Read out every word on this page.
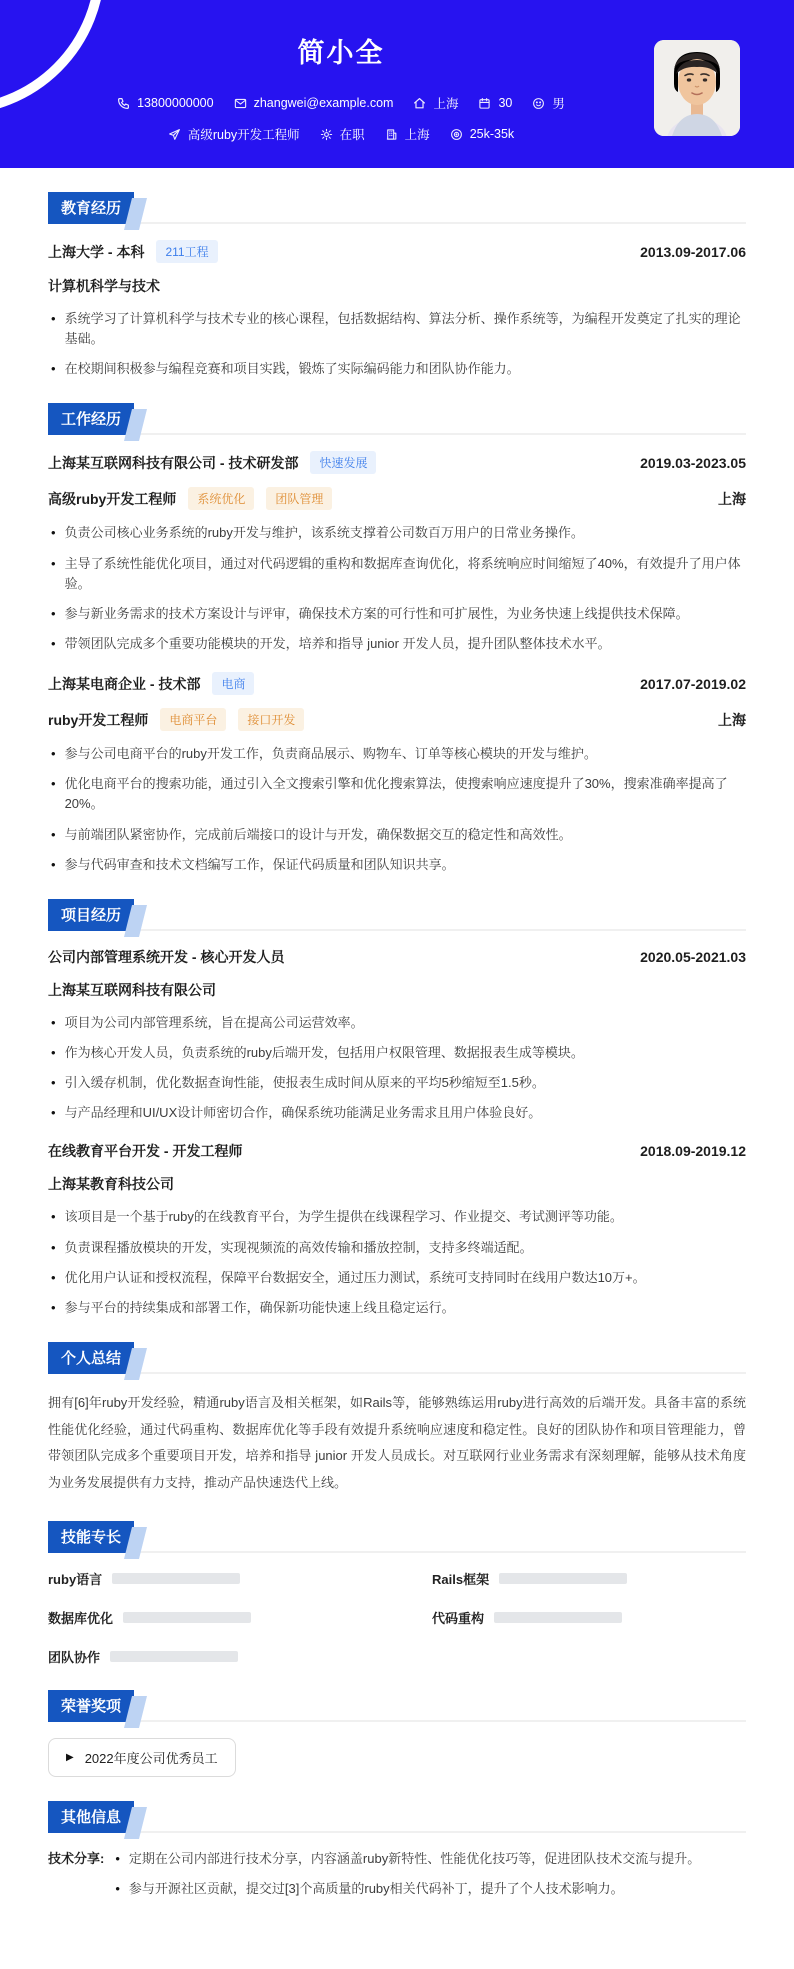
简小全
13800000000	zhangwei@example.com	上海	30	男
高级ruby开发工程师	在职	上海	25k-35k
教育经历
上海大学 - 本科	211工程	2013.09-2017.06
计算机科学与技术
• 系统学习了计算机科学与技术专业的核心课程，包括数据结构、算法分析、操作系统等，为编程开发奠定了扎实的理论基础。
• 在校期间积极参与编程竞赛和项目实践，锻炼了实际编码能力和团队协作能力。
工作经历
上海某互联网科技有限公司 - 技术研发部	快速发展	2019.03-2023.05
高级ruby开发工程师	系统优化	团队管理	上海
• 负责公司核心业务系统的ruby开发与维护，该系统支撑着公司数百万用户的日常业务操作。
• 主导了系统性能优化项目，通过对代码逻辑的重构和数据库查询优化，将系统响应时间缩短了40%，有效提升了用户体验。
• 参与新业务需求的技术方案设计与评审，确保技术方案的可行性和可扩展性，为业务快速上线提供技术保障。
• 带领团队完成多个重要功能模块的开发，培养和指导 junior 开发人员，提升团队整体技术水平。
上海某电商企业 - 技术部	电商	2017.07-2019.02
ruby开发工程师	电商平台	接口开发	上海
• 参与公司电商平台的ruby开发工作，负责商品展示、购物车、订单等核心模块的开发与维护。
• 优化电商平台的搜索功能，通过引入全文搜索引擎和优化搜索算法，使搜索响应速度提升了30%，搜索准确率提高了20%。
• 与前端团队紧密协作，完成前后端接口的设计与开发，确保数据交互的稳定性和高效性。
• 参与代码审查和技术文档编写工作，保证代码质量和团队知识共享。
项目经历
公司内部管理系统开发 - 核心开发人员	2020.05-2021.03
上海某互联网科技有限公司
• 项目为公司内部管理系统，旨在提高公司运营效率。
• 作为核心开发人员，负责系统的ruby后端开发，包括用户权限管理、数据报表生成等模块。
• 引入缓存机制，优化数据查询性能，使报表生成时间从原来的平均5秒缩短至1.5秒。
• 与产品经理和UI/UX设计师密切合作，确保系统功能满足业务需求且用户体验良好。
在线教育平台开发 - 开发工程师	2018.09-2019.12
上海某教育科技公司
• 该项目是一个基于ruby的在线教育平台，为学生提供在线课程学习、作业提交、考试测评等功能。
• 负责课程播放模块的开发，实现视频流的高效传输和播放控制，支持多终端适配。
• 优化用户认证和授权流程，保障平台数据安全，通过压力测试，系统可支持同时在线用户数达10万+。
• 参与平台的持续集成和部署工作，确保新功能快速上线且稳定运行。
个人总结
拥有[6]年ruby开发经验，精通ruby语言及相关框架，如Rails等，能够熟练运用ruby进行高效的后端开发。具备丰富的系统性能优化经验，通过代码重构、数据库优化等手段有效提升系统响应速度和稳定性。良好的团队协作和项目管理能力，曾带领团队完成多个重要项目开发，培养和指导 junior 开发人员成长。对互联网行业业务需求有深刻理解，能够从技术角度为业务发展提供有力支持，推动产品快速迭代上线。
技能专长
ruby语言	Rails框架
数据库优化	代码重构
团队协作
荣誉奖项
▶ 2022年度公司优秀员工
其他信息
技术分享: • 定期在公司内部进行技术分享，内容涵盖ruby新特性、性能优化技巧等，促进团队技术交流与提升。
• 参与开源社区贡献，提交过[3]个高质量的ruby相关代码补丁，提升了个人技术影响力。
